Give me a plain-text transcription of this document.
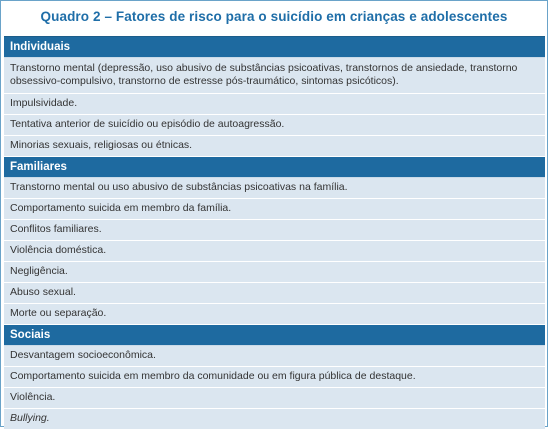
Quadro 2 – Fatores de risco para o suicídio em crianças e adolescentes
Individuais
Transtorno mental (depressão, uso abusivo de substâncias psicoativas, transtornos de ansiedade, transtorno obsessivo-compulsivo, transtorno de estresse pós-traumático, sintomas psicóticos).
Impulsividade.
Tentativa anterior de suicídio ou episódio de autoagressão.
Minorias sexuais, religiosas ou étnicas.
Familiares
Transtorno mental ou uso abusivo de substâncias psicoativas na família.
Comportamento suicida em membro da família.
Conflitos familiares.
Violência doméstica.
Negligência.
Abuso sexual.
Morte ou separação.
Sociais
Desvantagem socioeconômica.
Comportamento suicida em membro da comunidade ou em figura pública de destaque.
Violência.
Bullying.
